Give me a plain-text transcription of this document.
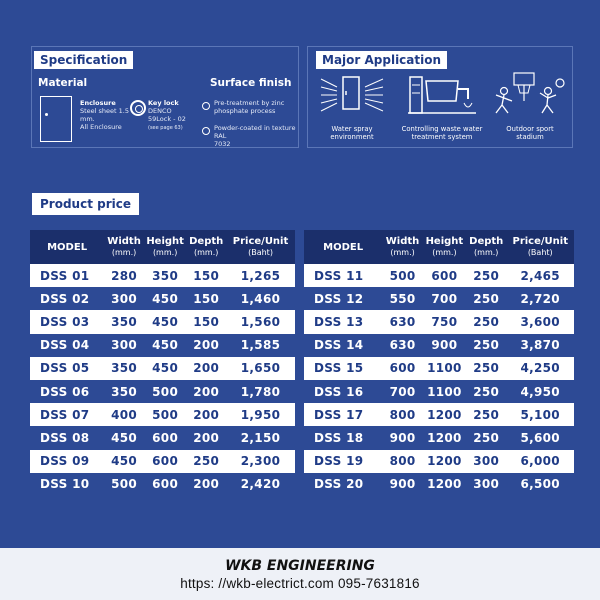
Specification
Material	Surface finish
Enclosure
Steel sheet 1.5
mm.
All Enclosure
Key lock
DENCO
59Lock - 02
(see page 63)
Pre-treatment by zinc
phosphate process
Powder-coated in texture RAL
7032
Major Application
Water spray
environment
Controlling waste water
treatment system
Outdoor sport
stadium
Product price
MODEL	Width
(mm.)
Height
(mm.)
Depth
(mm.)
Price/Unit
(Baht)
DSS 01	280	350	150	1,265
DSS 02	300	450	150	1,460
DSS 03	350	450	150	1,560
DSS 04	300	450	200	1,585
DSS 05	350	450	200	1,650
DSS 06	350	500	200	1,780
DSS 07	400	500	200	1,950
DSS 08	450	600	200	2,150
DSS 09	450	600	250	2,300
DSS 10	500	600	200	2,420
MODEL	Width
(mm.)
Height
(mm.)
Depth
(mm.)
Price/Unit
(Baht)
DSS 11	500	600	250	2,465
DSS 12	550	700	250	2,720
DSS 13	630	750	250	3,600
DSS 14	630	900	250	3,870
DSS 15	600 1100 250	4,250
DSS 16	700 1100 250	4,950
DSS 17	800 1200 250	5,100
DSS 18	900 1200 250	5,600
DSS 19	800 1200 300	6,000
DSS 20	900 1200 300	6,500
WKB ENGINEERING
https: //wkb-electrict.com 095-7631816
